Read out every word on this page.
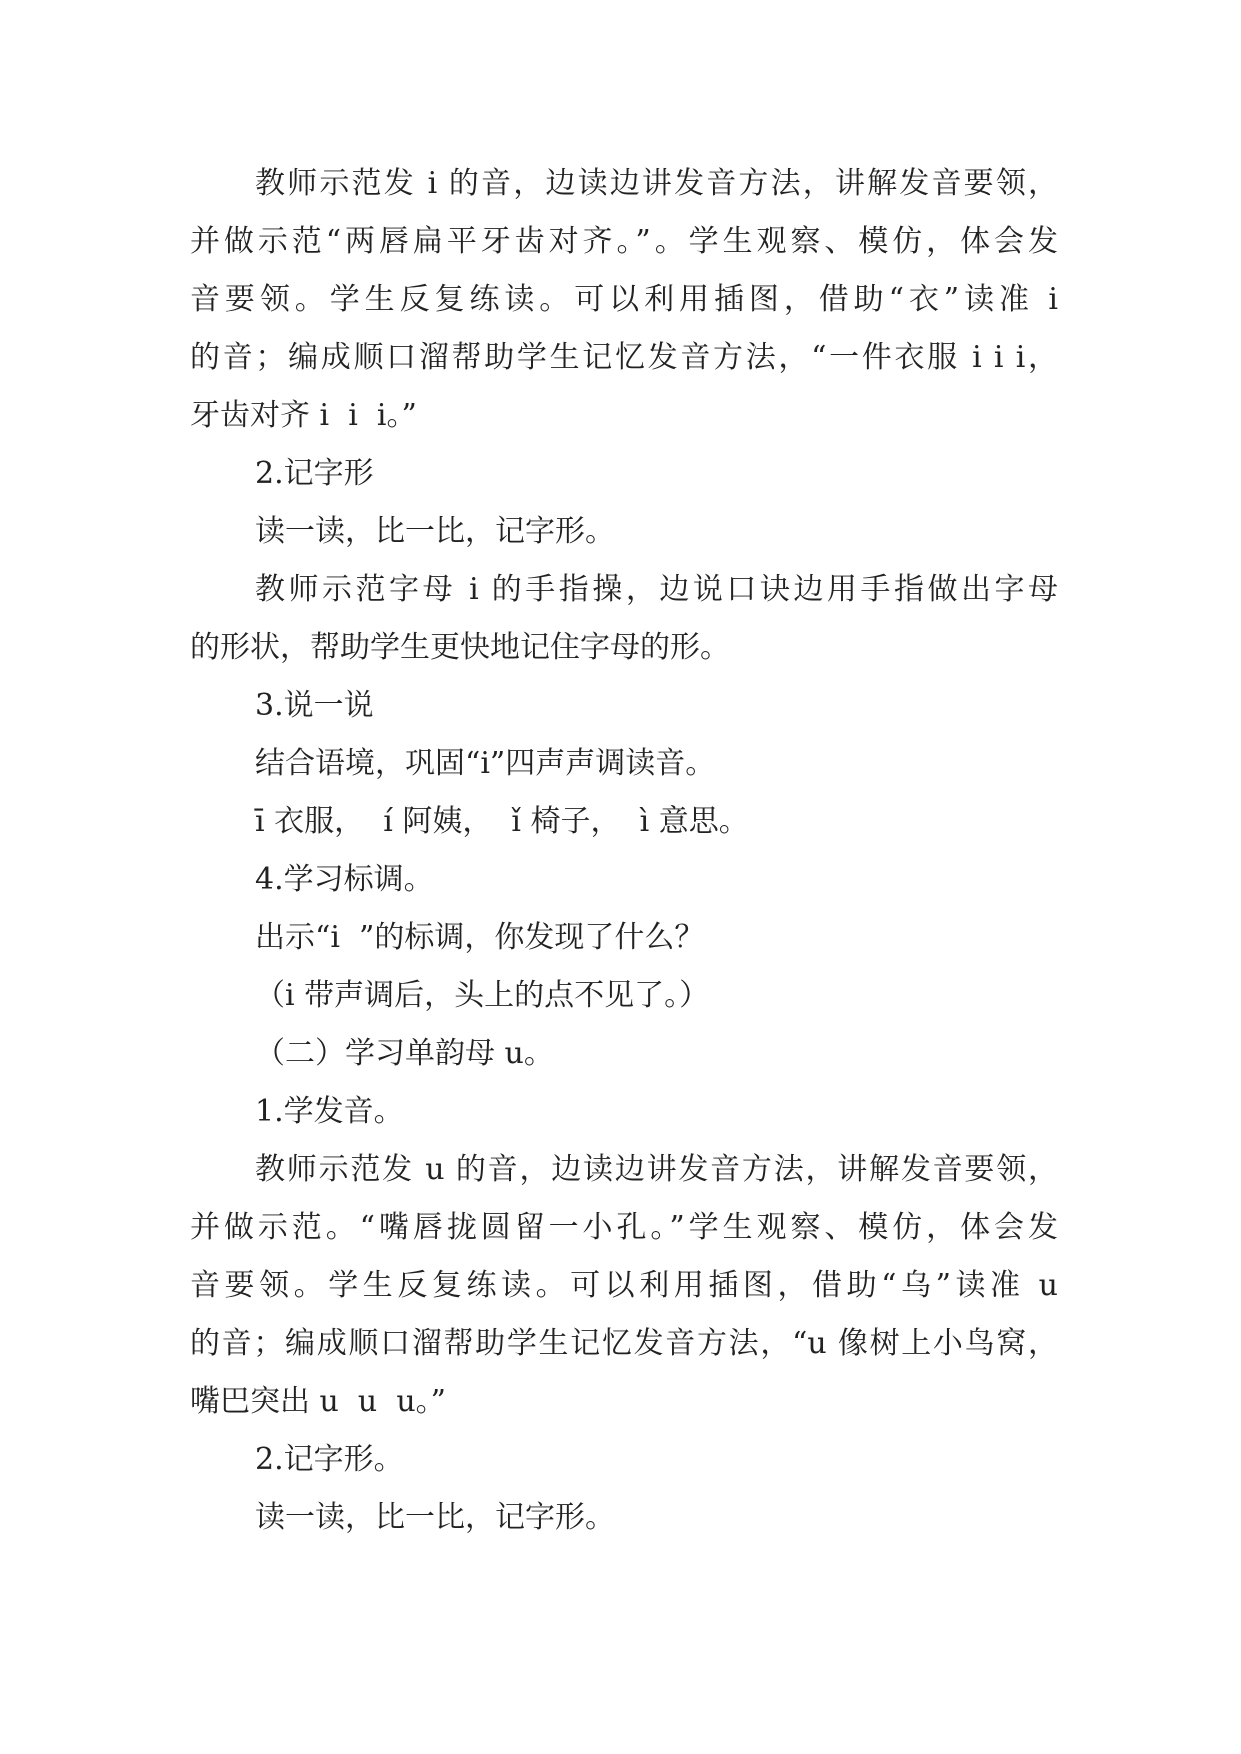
教师示范发 i 的音，边读边讲发音方法，讲解发音要领，
并做示范“两唇扁平牙齿对齐。”。学生观察、模仿，体会发
音要领。学生反复练读。可以利用插图，借助“衣”读准 i
的音；编成顺口溜帮助学生记忆发音方法，“一件衣服 i i i，
牙齿对齐 i  i  i。”
2.记字形
读一读，比一比，记字形。
教师示范字母 i 的手指操，边说口诀边用手指做出字母
的形状，帮助学生更快地记住字母的形。
3.说一说
结合语境，巩固“i”四声声调读音。
ī 衣服，  í 阿姨，  ǐ 椅子，  ì 意思。
4.学习标调。
出示“i  ”的标调，你发现了什么？
（i 带声调后，头上的点不见了。）
（二）学习单韵母 u。
1.学发音。
教师示范发 u 的音，边读边讲发音方法，讲解发音要领，
并做示范。“嘴唇拢圆留一小孔。”学生观察、模仿，体会发
音要领。学生反复练读。可以利用插图，借助“乌”读准 u
的音；编成顺口溜帮助学生记忆发音方法，“u 像树上小鸟窝，
嘴巴突出 u  u  u。”
2.记字形。
读一读，比一比，记字形。
